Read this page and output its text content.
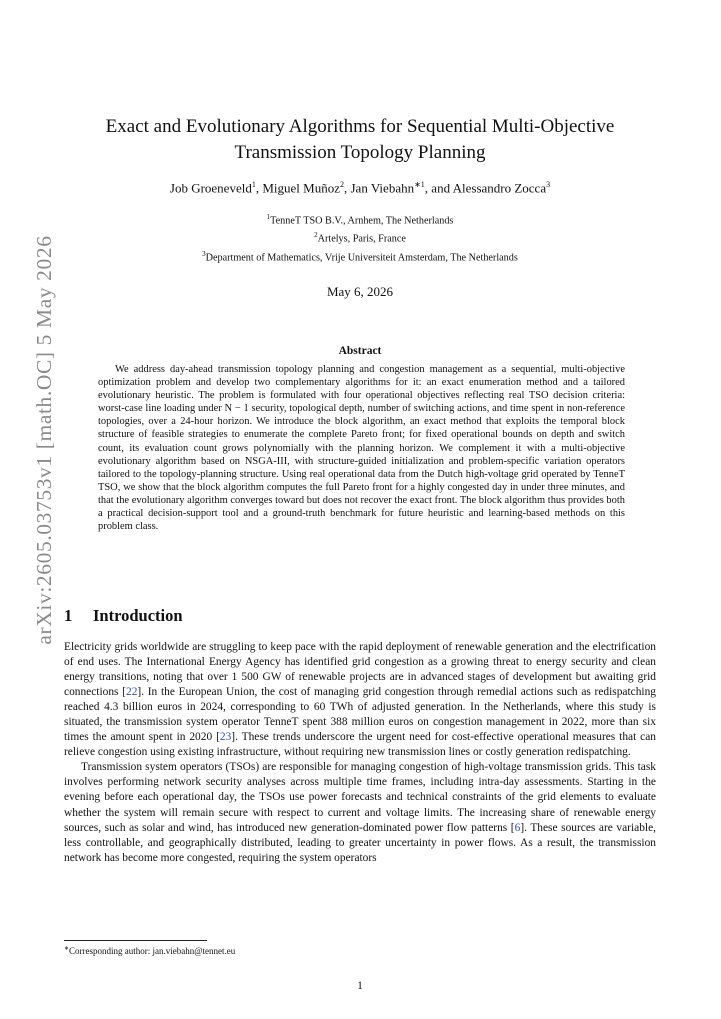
arXiv:2605.03753v1 [math.OC] 5 May 2026
Exact and Evolutionary Algorithms for Sequential Multi-Objective
Transmission Topology Planning
Job Groeneveld$^1$, Miguel Muñoz$^2$, Jan Viebahn$^{∗1}$, and Alessandro Zocca$^3$
$^1$TenneT TSO B.V., Arnhem, The Netherlands
$^2$Artelys, Paris, France
$^3$Department of Mathematics, Vrije Universiteit Amsterdam, The Netherlands
May 6, 2026
Abstract
We address day-ahead transmission topology planning and congestion management as a sequential, multi-objective optimization problem and develop two complementary algorithms for it: an exact enumeration method and a tailored evolutionary heuristic. The problem is formulated with four operational objectives reflecting real TSO decision criteria: worst-case line loading under N − 1 security, topological depth, number of switching actions, and time spent in non-reference topologies, over a 24-hour horizon. We introduce the block algorithm, an exact method that exploits the temporal block structure of feasible strategies to enumerate the complete Pareto front; for fixed operational bounds on depth and switch count, its evaluation count grows polynomially with the planning horizon. We complement it with a multi-objective evolutionary algorithm based on NSGA-III, with structure-guided initialization and problem-specific variation operators tailored to the topology-planning structure. Using real operational data from the Dutch high-voltage grid operated by TenneT TSO, we show that the block algorithm computes the full Pareto front for a highly congested day in under three minutes, and that the evolutionary algorithm converges toward but does not recover the exact front. The block algorithm thus provides both a practical decision-support tool and a ground-truth benchmark for future heuristic and learning-based methods on this problem class.
1 Introduction

Electricity grids worldwide are struggling to keep pace with the rapid deployment of renewable generation and the electrification of end uses. The International Energy Agency has identified grid congestion as a growing threat to energy security and clean energy transitions, noting that over 1 500 GW of renewable projects are in advanced stages of development but awaiting grid connections [22]. In the European Union, the cost of managing grid congestion through remedial actions such as redispatching reached 4.3 billion euros in 2024, corresponding to 60 TWh of adjusted generation. In the Netherlands, where this study is situated, the transmission system operator TenneT spent 388 million euros on congestion management in 2022, more than six times the amount spent in 2020 [23]. These trends underscore the urgent need for cost-effective operational measures that can relieve congestion using existing infrastructure, without requiring new transmission lines or costly generation redispatching.

Transmission system operators (TSOs) are responsible for managing congestion of high-voltage transmission grids. This task involves performing network security analyses across multiple time frames, including intra-day assessments. Starting in the evening before each operational day, the TSOs use power forecasts and technical constraints of the grid elements to evaluate whether the system will remain secure with respect to current and voltage limits. The increasing share of renewable energy sources, such as solar and wind, has introduced new generation-dominated power flow patterns [6]. These sources are variable, less controllable, and geographically distributed, leading to greater uncertainty in power flows. As a result, the transmission network has become more congested, requiring the system operators

∗Corresponding author: jan.viebahn@tennet.eu
1
